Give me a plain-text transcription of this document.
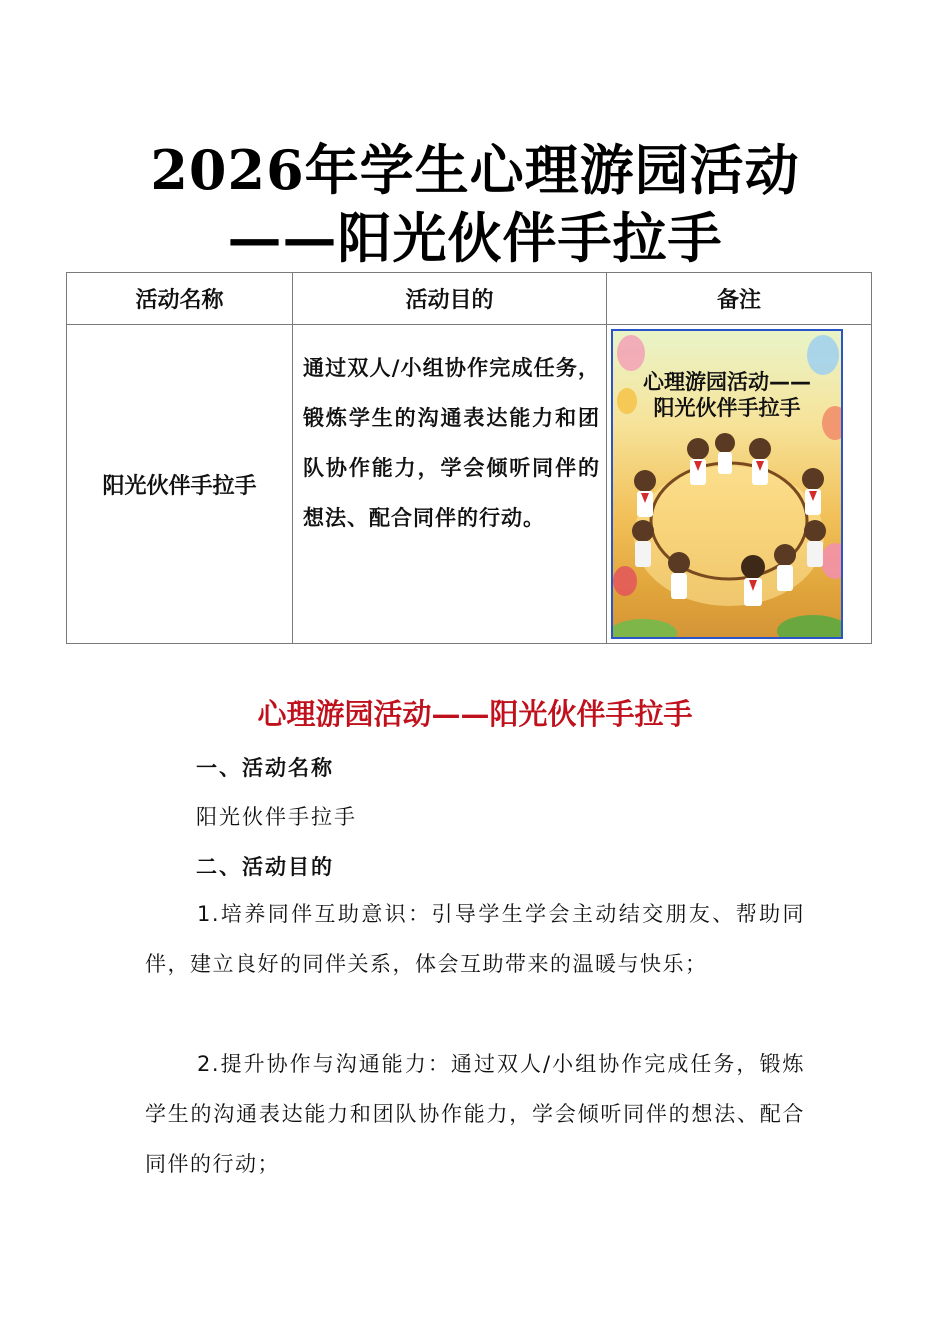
2026年学生心理游园活动
——阳光伙伴手拉手
活动名称	活动目的	备注
阳光伙伴手拉手	通过双人/小组协作完成任务，锻炼学生的沟通表达能力和团队协作能力，学会倾听同伴的想法、配合同伴的行动。	心理游园活动——
阳光伙伴手拉手
心理游园活动——阳光伙伴手拉手
一、活动名称
阳光伙伴手拉手
二、活动目的
1.培养同伴互助意识：引导学生学会主动结交朋友、帮助同伴，建立良好的同伴关系，体会互助带来的温暖与快乐；
2.提升协作与沟通能力：通过双人/小组协作完成任务，锻炼学生的沟通表达能力和团队协作能力，学会倾听同伴的想法、配合同伴的行动；
